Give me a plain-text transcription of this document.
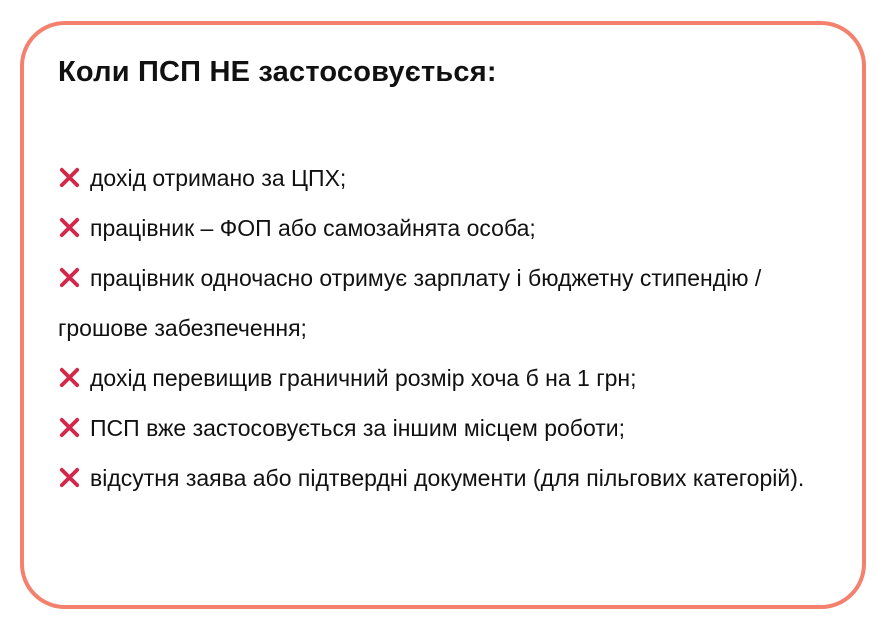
Коли ПСП НЕ застосовується:

дохід отримано за ЦПХ;

працівник – ФОП або самозайнята особа;

працівник одночасно отримує зарплату і бюджетну стипендію / грошове забезпечення;

дохід перевищив граничний розмір хоча б на 1 грн;

ПСП вже застосовується за іншим місцем роботи;

відсутня заява або підтвердні документи (для пільгових категорій).
